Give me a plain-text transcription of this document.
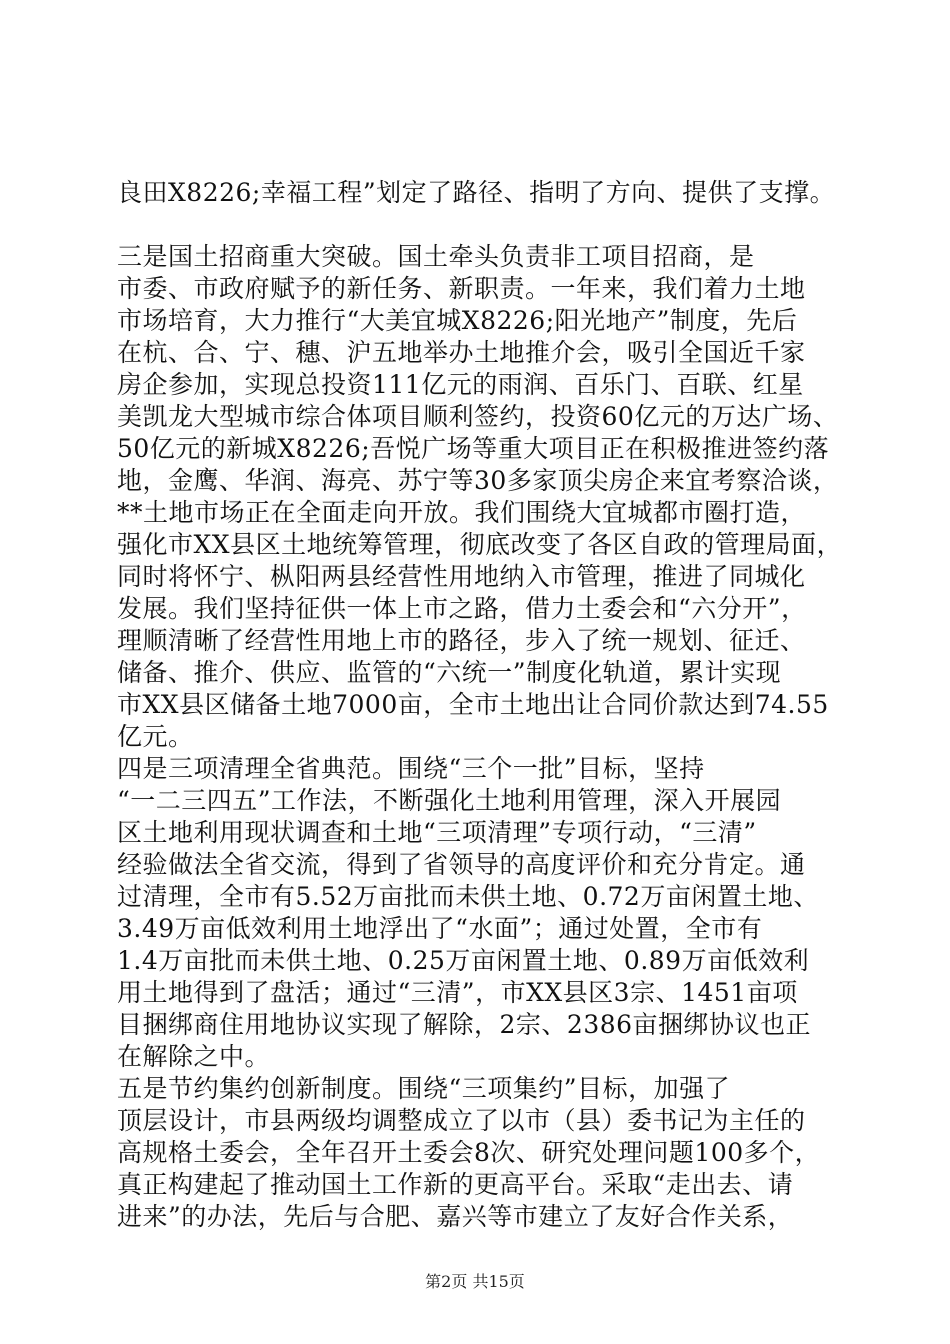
良田X8226;幸福工程”划定了路径、指明了方向、提供了支撑。
三是国土招商重大突破。国土牵头负责非工项目招商，是
市委、市政府赋予的新任务、新职责。一年来，我们着力土地
市场培育，大力推行“大美宜城X8226;阳光地产”制度，先后
在杭、合、宁、穗、沪五地举办土地推介会，吸引全国近千家
房企参加，实现总投资111亿元的雨润、百乐门、百联、红星
美凯龙大型城市综合体项目顺利签约，投资60亿元的万达广场、
50亿元的新城X8226;吾悦广场等重大项目正在积极推进签约落
地，金鹰、华润、海亮、苏宁等30多家顶尖房企来宜考察洽谈，
**土地市场正在全面走向开放。我们围绕大宜城都市圈打造，
强化市XX县区土地统筹管理，彻底改变了各区自政的管理局面，
同时将怀宁、枞阳两县经营性用地纳入市管理，推进了同城化
发展。我们坚持征供一体上市之路，借力土委会和“六分开”，
理顺清晰了经营性用地上市的路径，步入了统一规划、征迁、
储备、推介、供应、监管的“六统一”制度化轨道，累计实现
市XX县区储备土地7000亩，全市土地出让合同价款达到74.55
亿元。
四是三项清理全省典范。围绕“三个一批”目标，坚持
“一二三四五”工作法，不断强化土地利用管理，深入开展园
区土地利用现状调查和土地“三项清理”专项行动，“三清”
经验做法全省交流，得到了省领导的高度评价和充分肯定。通
过清理，全市有5.52万亩批而未供土地、0.72万亩闲置土地、
3.49万亩低效利用土地浮出了“水面”；通过处置，全市有
1.4万亩批而未供土地、0.25万亩闲置土地、0.89万亩低效利
用土地得到了盘活；通过“三清”，市XX县区3宗、1451亩项
目捆绑商住用地协议实现了解除，2宗、2386亩捆绑协议也正
在解除之中。
五是节约集约创新制度。围绕“三项集约”目标，加强了
顶层设计，市县两级均调整成立了以市（县）委书记为主任的
高规格土委会，全年召开土委会8次、研究处理问题100多个，
真正构建起了推动国土工作新的更高平台。采取“走出去、请
进来”的办法，先后与合肥、嘉兴等市建立了友好合作关系，
第2页 共15页
